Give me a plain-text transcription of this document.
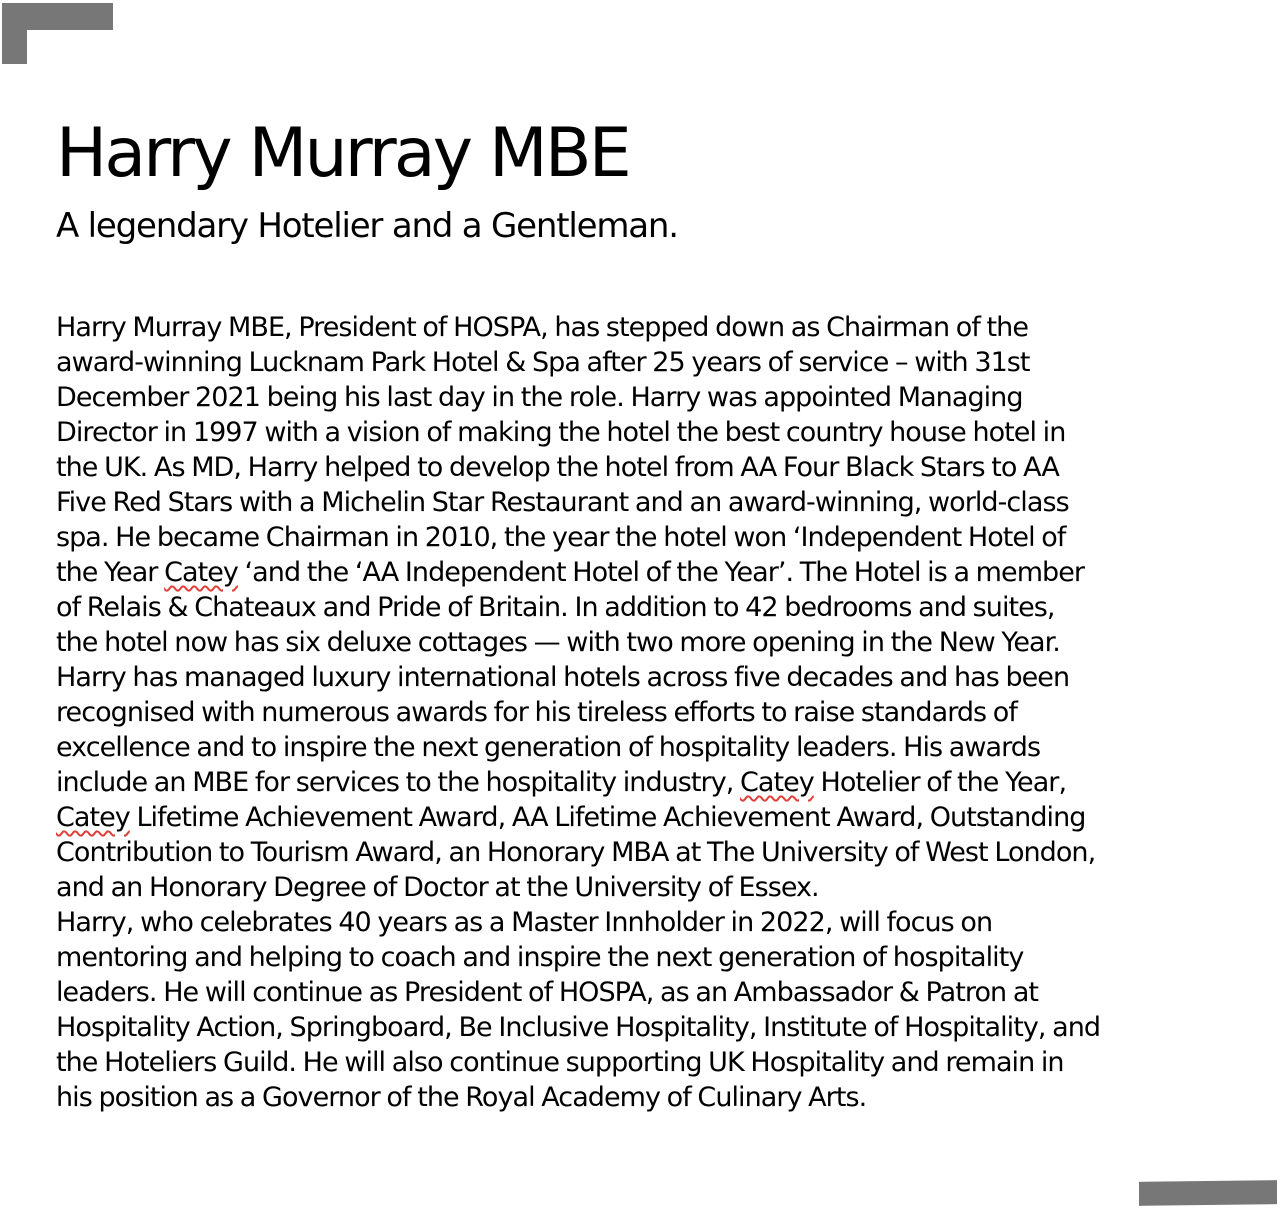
Harry Murray MBE
A legendary Hotelier and a Gentleman.
Harry Murray MBE, President of HOSPA, has stepped down as Chairman of the
award-winning Lucknam Park Hotel & Spa after 25 years of service – with 31st
December 2021 being his last day in the role. Harry was appointed Managing
Director in 1997 with a vision of making the hotel the best country house hotel in
the UK. As MD, Harry helped to develop the hotel from AA Four Black Stars to AA
Five Red Stars with a Michelin Star Restaurant and an award-winning, world-class
spa. He became Chairman in 2010, the year the hotel won ‘Independent Hotel of
the Year Catey ‘and the ‘AA Independent Hotel of the Year’. The Hotel is a member
of Relais & Chateaux and Pride of Britain. In addition to 42 bedrooms and suites,
the hotel now has six deluxe cottages — with two more opening in the New Year.
Harry has managed luxury international hotels across five decades and has been
recognised with numerous awards for his tireless efforts to raise standards of
excellence and to inspire the next generation of hospitality leaders. His awards
include an MBE for services to the hospitality industry, Catey Hotelier of the Year,
Catey Lifetime Achievement Award, AA Lifetime Achievement Award, Outstanding
Contribution to Tourism Award, an Honorary MBA at The University of West London,
and an Honorary Degree of Doctor at the University of Essex.
Harry, who celebrates 40 years as a Master Innholder in 2022, will focus on
mentoring and helping to coach and inspire the next generation of hospitality
leaders. He will continue as President of HOSPA, as an Ambassador & Patron at
Hospitality Action, Springboard, Be Inclusive Hospitality, Institute of Hospitality, and
the Hoteliers Guild. He will also continue supporting UK Hospitality and remain in
his position as a Governor of the Royal Academy of Culinary Arts.
